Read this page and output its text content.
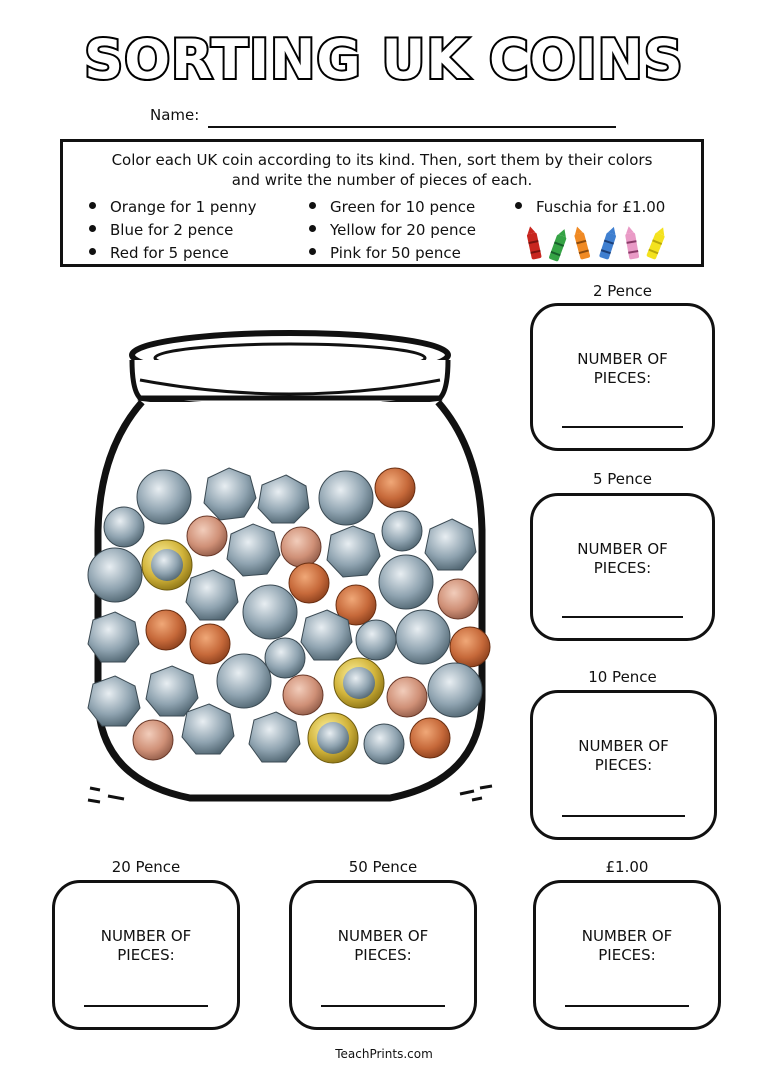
SORTING UK COINS
Name:
Color each UK coin according to its kind. Then, sort them by their colors
and write the number of pieces of each.
Orange for 1 penny
Blue for 2 pence
Red for 5 pence
Green for 10 pence
Yellow for 20 pence
Pink for 50 pence
Fuschia for £1.00
2 Pence
NUMBER OF
PIECES:
5 Pence
NUMBER OF
PIECES:
10 Pence
NUMBER OF
PIECES:
20 Pence
NUMBER OF
PIECES:
50 Pence
NUMBER OF
PIECES:
£1.00
NUMBER OF
PIECES:
TeachPrints.com
